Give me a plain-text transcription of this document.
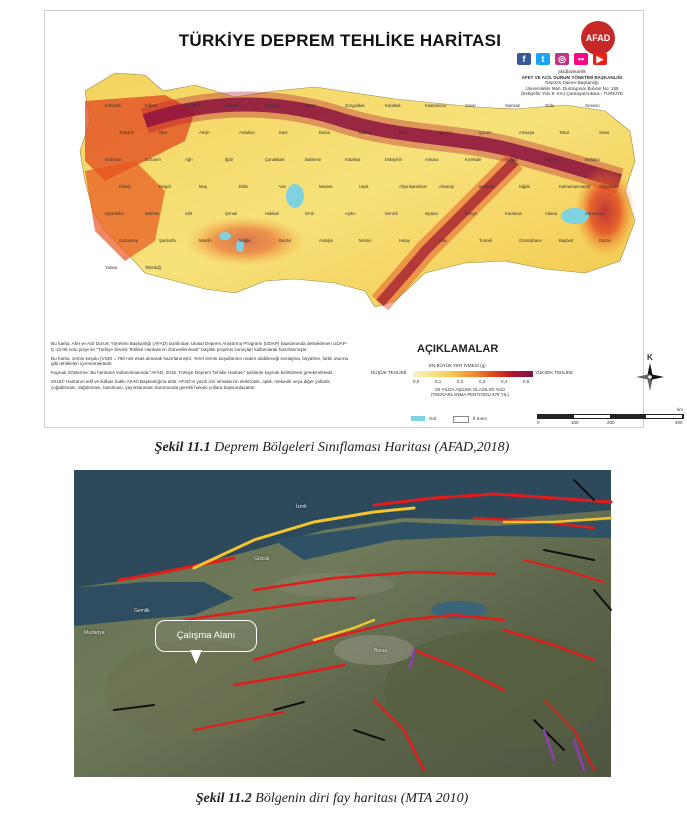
TÜRKİYE DEPREM TEHLİKE HARİTASI	AFAD
f	t	◎	••	▶
afadbaskanlik
AFET VE ACİL DURUM YÖNETİMİ BAŞKANLIĞI
Deprem Dairesi Başkanlığı
Üniversiteler Mah. Dumlupınar Bulvarı No: 159
(Eskişehir Yolu 9. Km) Çankaya/Ankara - TÜRKİYE
Kırklareli	Edirne	İstanbul	Kocaeli	Sakarya	Bartın	Zonguldak	Karabük	Kastamonu	Sinop	Samsun	Ordu	Giresun
Trabzon	Rize	Artvin	Ardahan	Kars	Bursa	Bilecik	Bolu	Çankırı	Çorum	Amasya	Tokat	Sivas
Erzincan	Erzurum	Ağrı	Iğdır	Çanakkale	Balıkesir	Kütahya	Eskişehir	Ankara	Kırıkkale	Yozgat	Kayseri	Malatya
Elazığ	Bingöl	Muş	Bitlis	Van	Manisa	Uşak	Afyonkarahisar	Aksaray	Nevşehir	Niğde	Kahramanmaraş Adıyaman
Diyarbakır	Batman	Siirt	Şırnak	Hakkari	İzmir	Aydın	Denizli	Isparta	Konya	Karaman	Adana	Osmaniye
Gaziantep	Şanlıurfa	Mardin	Muğla	Burdur	Antalya	Mersin	Hatay	Kilis	Tunceli	Gümüşhane	Bayburt	Düzce
Yalova	Tekirdağ

Bu harita, Afet ve Acil Durum Yönetimi Başkanlığı (AFAD) tarafından Ulusal Deprem Araştırma Programı (UDAP) kapsamında desteklenen UDAP-Ç-13-06 nolu proje ile "Türkiye Sismik Tehlike Haritasının Güncellenmesi" başlıklı projenin sonuçları kullanılarak hazırlanmıştır.

Bu harita, zemin koşulu (Vs30 = 760 m/s esas alınarak hazırlanmıştır. Yerel zemin koşullarının neden olabileceği sıvılaşma, büyütme, farklı oturma gibi tehlikeleri içermemektedir.

Kaynak Gösterme: Bu haritanın kullanılmasında "AFAD, 2018. Türkiye Deprem Tehlike Haritası" şeklinde kaynak belirtilmesi gerekmektedir.

2018© Haritanın telif ve iktibas hakkı AFAD Başkanlığına aittir. AFAD'ın yazılı izni olmaksızın elektronik, optik, mekanik veya diğer yollarla çoğaltılması, dağıtılması, basılması, yayımlanması durumunda gerekli hukuki yollara başvurulacaktır.

AÇIKLAMALAR
EN BÜYÜK YER İVMESİ (g)
DÜŞÜK TEHLİKE	YÜKSEK TEHLİKE
0,0	0,1	0,2	0,3	0,4	0,5
50 YILDA AŞILMA OLASILIĞI %10 (TEKRARLANMA PERİYODU 475 YIL)
Göl	İl Sınırı
0	100	200	400
km
K
Şekil 11.1 Deprem Bölgeleri Sınıflaması Haritası (AFAD,2018)
İzmit
Gölcük
Gemlik
Bursa
Mudanya	Çalışma Alanı
Şekil 11.2 Bölgenin diri fay haritası (MTA 2010)
